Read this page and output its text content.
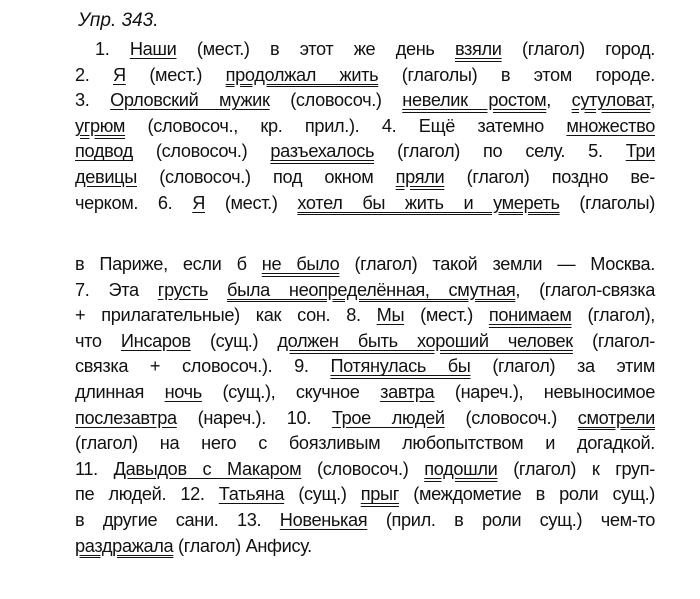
Упр. 343.
1. Наши (мест.) в этот же день взяли (глагол) город.
2. Я (мест.) продолжал жить (глаголы) в этом городе.
3. Орловский мужик (словосоч.) невелик ростом, сутуловат,
угрюм (словосоч., кр. прил.). 4. Ещё затемно множество
подвод (словосоч.) разъехалось (глагол) по селу. 5. Три
девицы (словосоч.) под окном пряли (глагол) поздно ве-
черком. 6. Я (мест.) хотел бы жить и умереть (глаголы)
в Париже, если б не было (глагол) такой земли — Москва.
7. Эта грусть была неопределённая, смутная, (глагол-связка
+ прилагательные) как сон. 8. Мы (мест.) понимаем (глагол),
что Инсаров (сущ.) должен быть хороший человек (глагол-
связка + словосоч.). 9. Потянулась бы (глагол) за этим
длинная ночь (сущ.), скучное завтра (нареч.), невыносимое
послезавтра (нареч.). 10. Трое людей (словосоч.) смотрели
(глагол) на него с боязливым любопытством и догадкой.
11. Давыдов с Макаром (словосоч.) подошли (глагол) к груп-
пе людей. 12. Татьяна (сущ.) прыг (междометие в роли сущ.)
в другие сани. 13. Новенькая (прил. в роли сущ.) чем-то
раздражала (глагол) Анфису.
